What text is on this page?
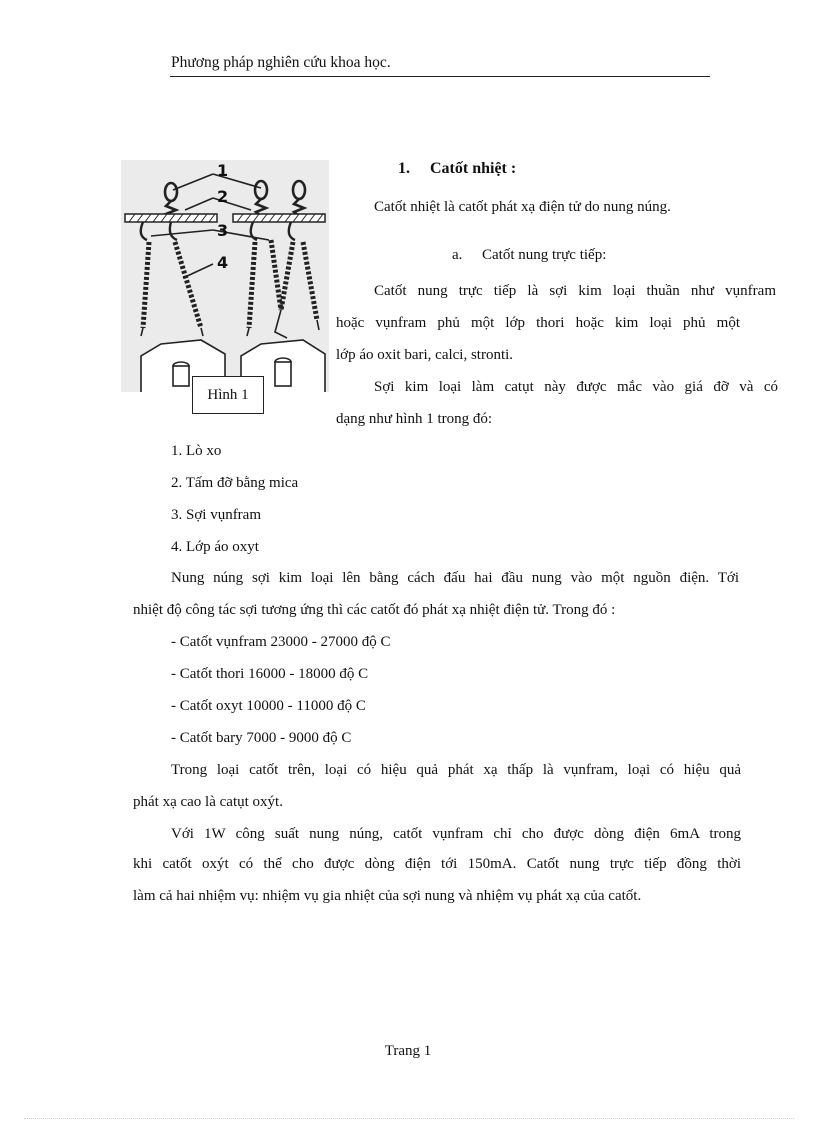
Phương pháp nghiên cứu khoa học.
1
2
3
4
Hình 1
1. Catốt nhiệt :
Catốt nhiệt là catốt phát xạ điện tử do nung núng.
a. Catốt nung trực tiếp:
Catốt nung trực tiếp là sợi kim loại thuần như vụnfram
hoặc vụnfram phủ một lớp thori hoặc kim loại phủ một
lớp áo oxit bari, calci, stronti.
Sợi kim loại làm catụt này được mắc vào giá đỡ và có
dạng như hình 1 trong đó:
1. Lò xo
2. Tấm đỡ bằng mica
3. Sợi vụnfram
4. Lớp áo oxyt
Nung núng sợi kim loại lên bằng cách đấu hai đầu nung vào một nguồn điện. Tới
nhiệt độ công tác sợi tương ứng thì các catốt đó phát xạ nhiệt điện tử. Trong đó :
- Catốt vụnfram 23000 - 27000 độ C
- Catốt thori 16000 - 18000 độ C
- Catốt oxyt 10000 - 11000 độ C
- Catốt bary 7000 - 9000 độ C
Trong loại catốt trên, loại có hiệu quả phát xạ thấp là vụnfram, loại có hiệu quả
phát xạ cao là catụt oxýt.
Với 1W công suất nung núng, catốt vụnfram chỉ cho được dòng điện 6mA trong
khi catốt oxýt có thể cho được dòng điện tới 150mA. Catốt nung trực tiếp đồng thời
làm cả hai nhiệm vụ: nhiệm vụ gia nhiệt của sợi nung và nhiệm vụ phát xạ của catốt.
Trang 1
